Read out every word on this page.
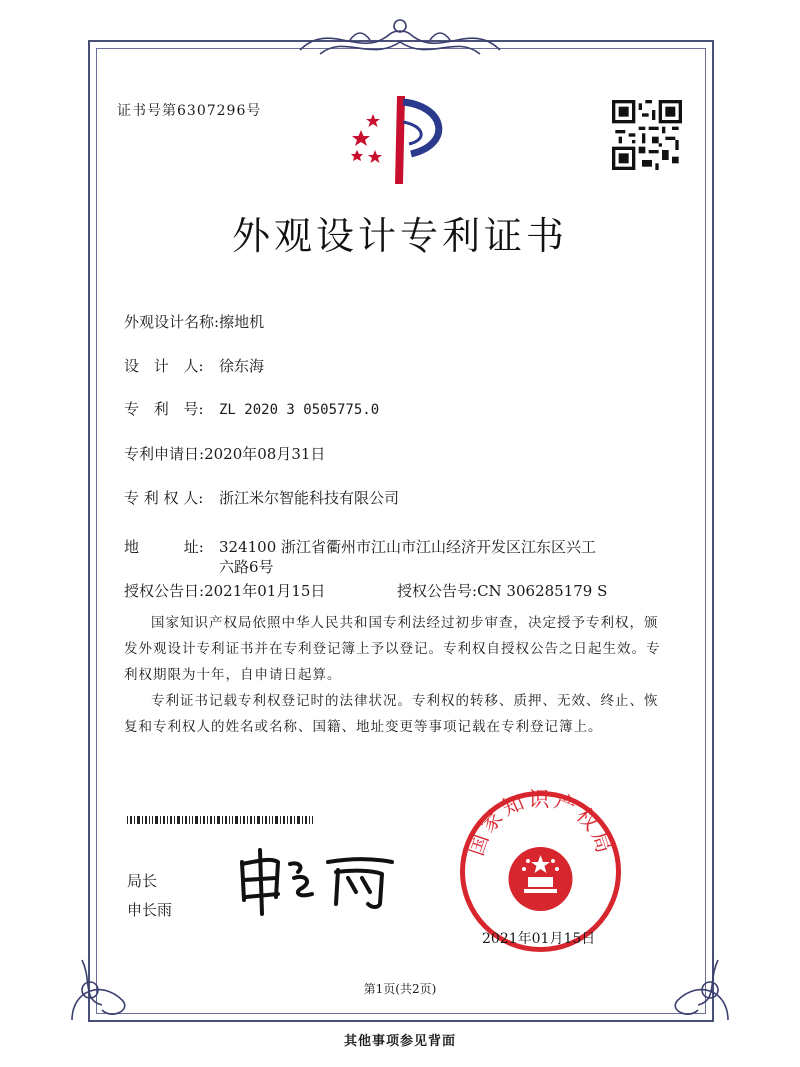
证书号第6307296号
外观设计专利证书
外观设计名称:擦地机
设 计 人: 徐东海
专 利 号: ZL 2020 3 0505775.0
专利申请日:2020年08月31日
专 利 权 人: 浙江米尔智能科技有限公司
地 址: 324100 浙江省衢州市江山市江山经济开发区江东区兴工
六路6号
授权公告日:2021年01月15日	授权公告号:CN 306285179 S
国家知识产权局依照中华人民共和国专利法经过初步审查，决定授予专利权，颁发外观设计专利证书并在专利登记簿上予以登记。专利权自授权公告之日起生效。专利权期限为十年，自申请日起算。
专利证书记载专利权登记时的法律状况。专利权的转移、质押、无效、终止、恢复和专利权人的姓名或名称、国籍、地址变更等事项记载在专利登记簿上。
局长
申长雨
国家知识产权局
2021年01月15日
第1页(共2页)
其他事项参见背面
